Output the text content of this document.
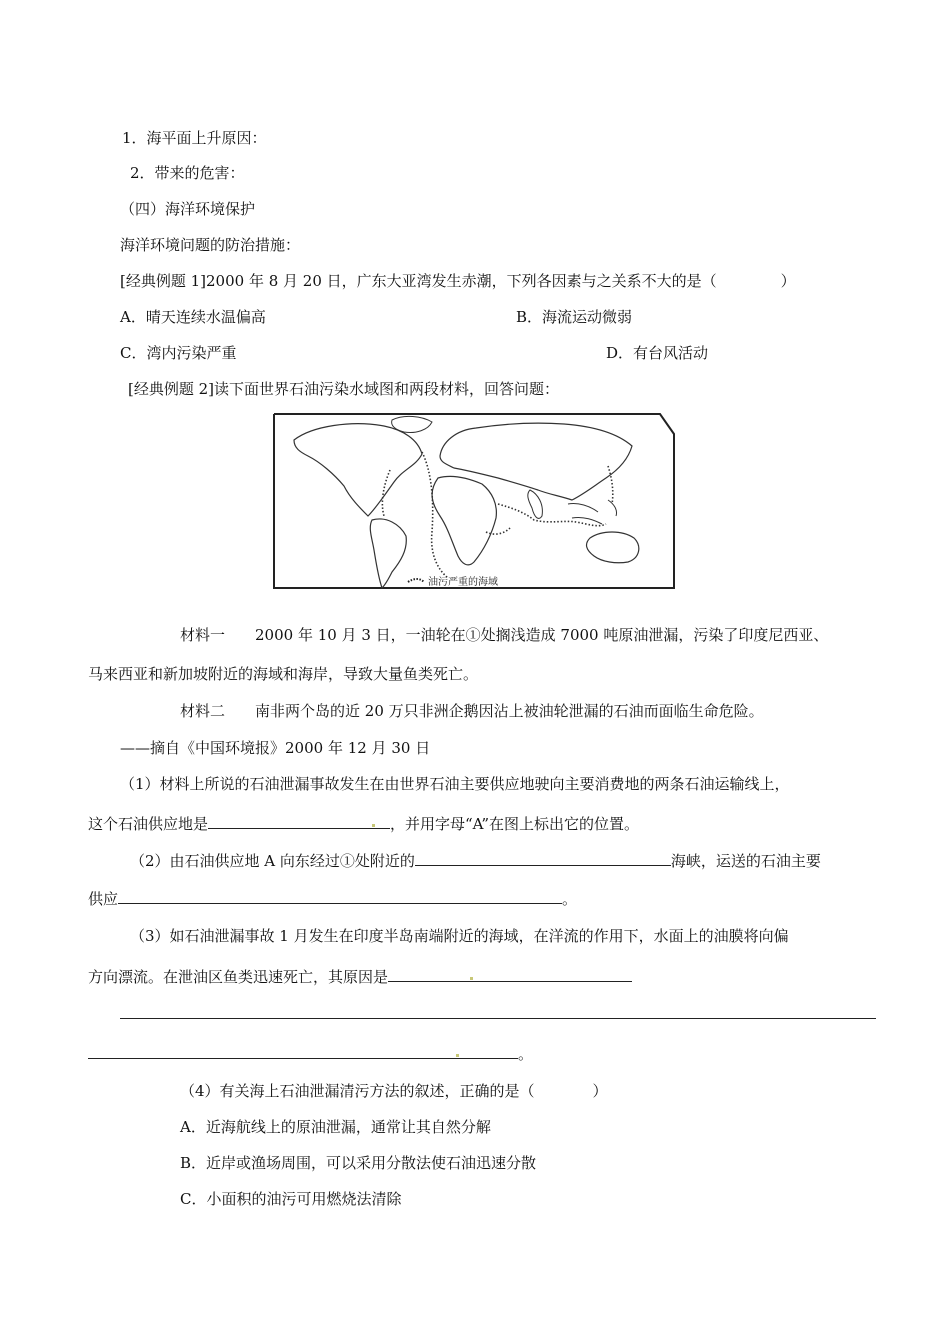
1．海平面上升原因：
2．带来的危害：
（四）海洋环境保护
海洋环境问题的防治措施：
[经典例题 1]2000 年 8 月 20 日，广东大亚湾发生赤潮，下列各因素与之关系不大的是（	）
A．晴天连续水温偏高	B．海流运动微弱
C．湾内污染严重	D．有台风活动
[经典例题 2]读下面世界石油污染水域图和两段材料，回答问题：
油污严重的海域
材料一　　2000 年 10 月 3 日，一油轮在①处搁浅造成 7000 吨原油泄漏，污染了印度尼西亚、
马来西亚和新加坡附近的海域和海岸，导致大量鱼类死亡。
材料二　　南非两个岛的近 20 万只非洲企鹅因沾上被油轮泄漏的石油而面临生命危险。
——摘自《中国环境报》2000 年 12 月 30 日
（1）材料上所说的石油泄漏事故发生在由世界石油主要供应地驶向主要消费地的两条石油运输线上，
这个石油供应地是	，并用字母“A”在图上标出它的位置。
（2）由石油供应地 A 向东经过①处附近的	海峡，运送的石油主要
供应	。
（3）如石油泄漏事故 1 月发生在印度半岛南端附近的海域，在洋流的作用下，水面上的油膜将向偏
方向漂流。在泄油区鱼类迅速死亡，其原因是
。
（4）有关海上石油泄漏清污方法的叙述，正确的是（	）
A．近海航线上的原油泄漏，通常让其自然分解
B．近岸或渔场周围，可以采用分散法使石油迅速分散
C．小面积的油污可用燃烧法清除
